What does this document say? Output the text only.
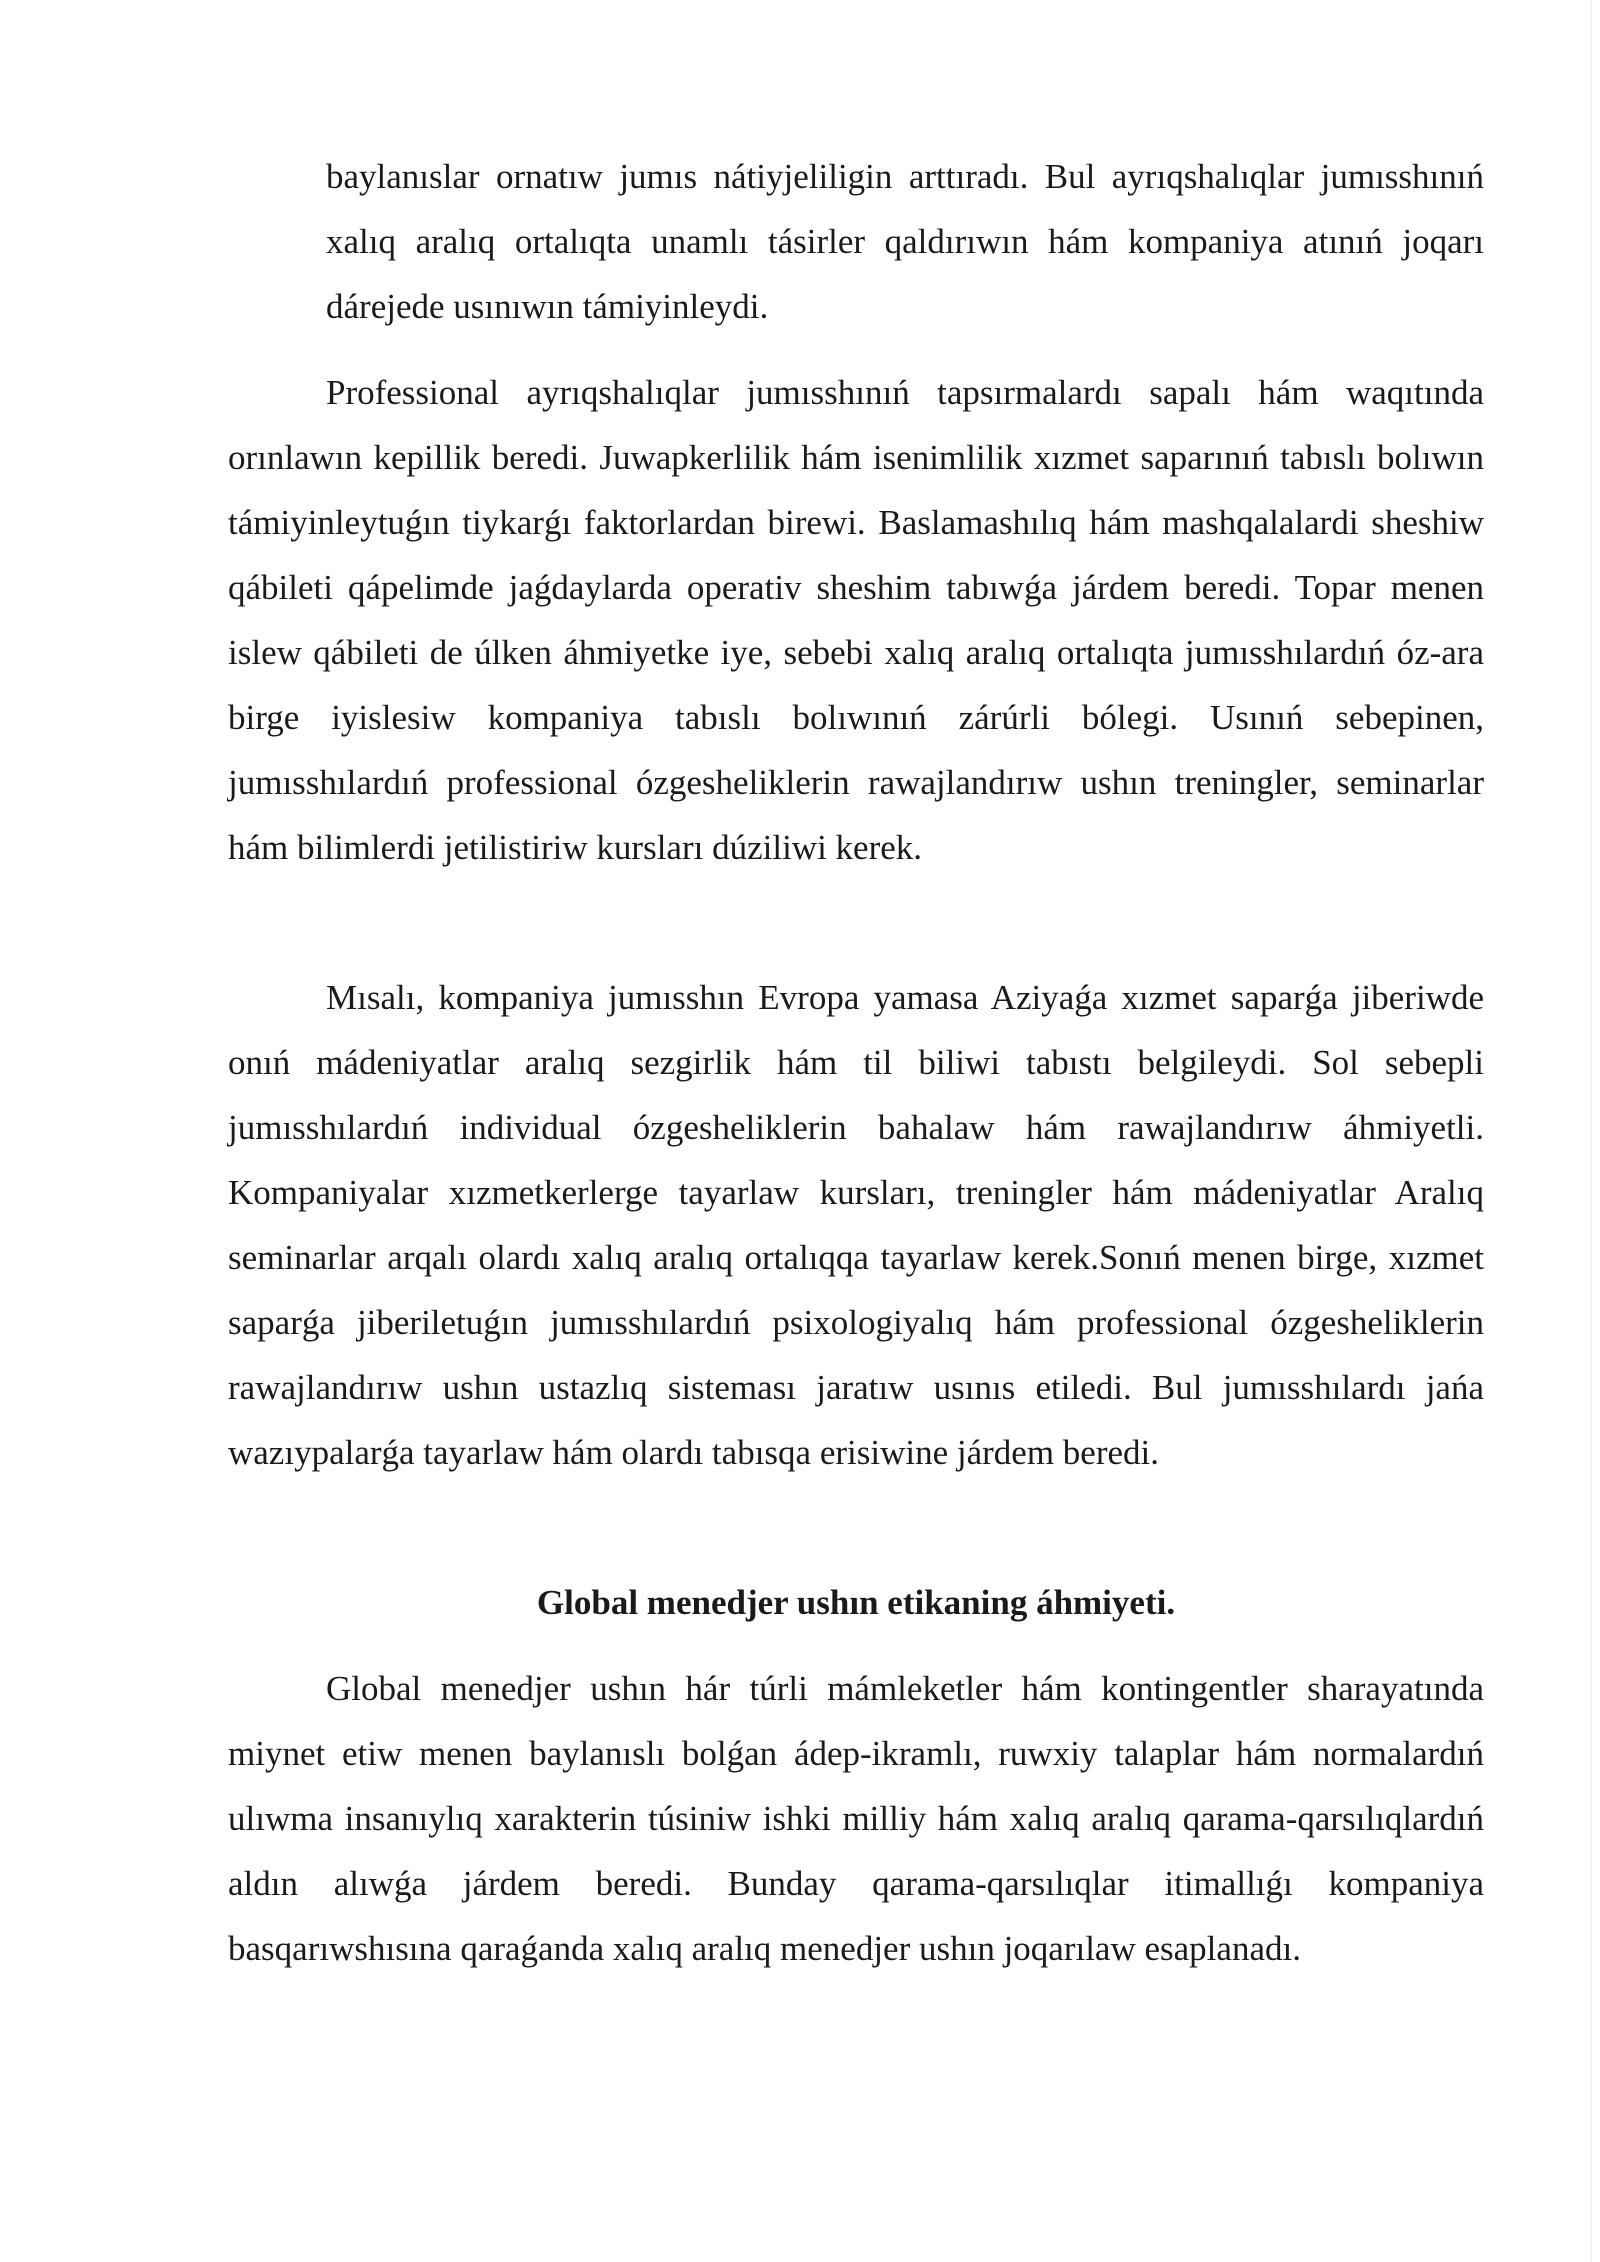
baylanıslar ornatıw jumıs nátiyjeliligin arttıradı. Bul ayrıqshalıqlar jumısshınıń xalıq aralıq ortalıqta unamlı tásirler qaldırıwın hám kompaniya atınıń joqarı dárejede usınıwın támiyinleydi.

Professional ayrıqshalıqlar jumısshınıń tapsırmalardı sapalı hám waqıtında orınlawın kepillik beredi. Juwapkerlilik hám isenimlilik xızmet saparınıń tabıslı bolıwın támiyinleytuǵın tiykarǵı faktorlardan birewi. Baslamashılıq hám mashqalalardi sheshiw qábileti qápelimde jaǵdaylarda operativ sheshim tabıwǵa járdem beredi. Topar menen islew qábileti de úlken áhmiyetke iye, sebebi xalıq aralıq ortalıqta jumısshılardıń óz-ara birge iyislesiw kompaniya tabıslı bolıwınıń zárúrli bólegi. Usınıń sebepinen, jumısshılardıń professional ózgesheliklerin rawajlandırıw ushın treningler, seminarlar hám bilimlerdi jetilistiriw kursları dúziliwi kerek.

Mısalı, kompaniya jumısshın Evropa yamasa Aziyaǵa xızmet saparǵa jiberiwde onıń mádeniyatlar aralıq sezgirlik hám til biliwi tabıstı belgileydi. Sol sebepli jumısshılardıń individual ózgesheliklerin bahalaw hám rawajlandırıw áhmiyetli. Kompaniyalar xızmetkerlerge tayarlaw kursları, treningler hám mádeniyatlar Aralıq seminarlar arqalı olardı xalıq aralıq ortalıqqa tayarlaw kerek.Sonıń menen birge, xızmet saparǵa jiberiletuǵın jumısshılardıń psixologiyalıq hám professional ózgesheliklerin rawajlandırıw ushın ustazlıq sisteması jaratıw usınıs etiledi. Bul jumısshılardı jańa wazıypalarǵa tayarlaw hám olardı tabısqa erisiwine járdem beredi.

Global menedjer ushın etikaning áhmiyeti.

Global menedjer ushın hár túrli mámleketler hám kontingentler sharayatında miynet etiw menen baylanıslı bolǵan ádep-ikramlı, ruwxiy talaplar hám normalardıń ulıwma insanıylıq xarakterin túsiniw ishki milliy hám xalıq aralıq qarama-qarsılıqlardıń aldın alıwǵa járdem beredi. Bunday qarama-qarsılıqlar itimallıǵı kompaniya basqarıwshısına qaraǵanda xalıq aralıq menedjer ushın joqarılaw esaplanadı.
